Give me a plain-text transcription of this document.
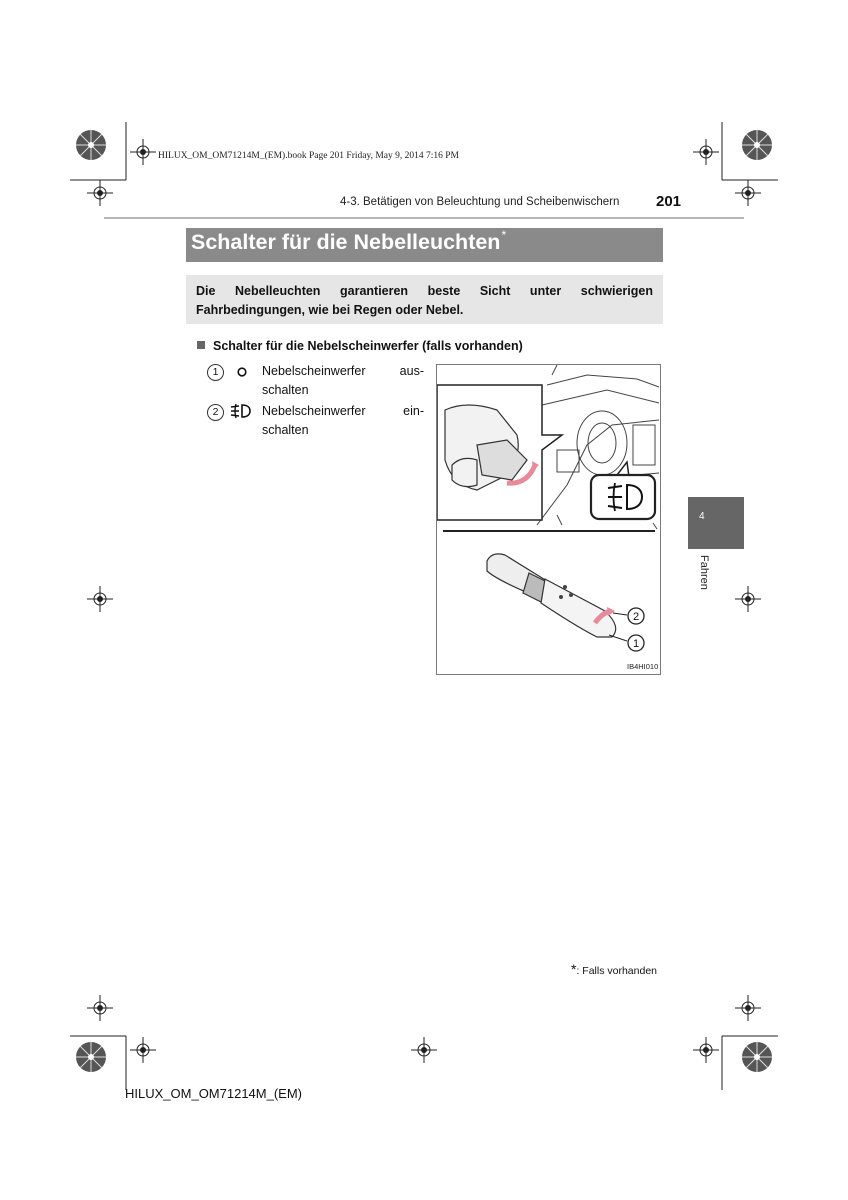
HILUX_OM_OM71214M_(EM).book Page 201 Friday, May 9, 2014 7:16 PM
4-3. Betätigen von Beleuchtung und Scheibenwischern 201
Schalter für die Nebelleuchten*
Die Nebelleuchten garantieren beste Sicht unter schwierigen Fahrbedingungen, wie bei Regen oder Nebel.
Schalter für die Nebelscheinwerfer (falls vorhanden)
1	Nebelscheinwerfer aus-
schalten
2	Nebelscheinwerfer ein-
schalten
2
1
IB4HI010
4
Fahren
*: Falls vorhanden
HILUX_OM_OM71214M_(EM)
